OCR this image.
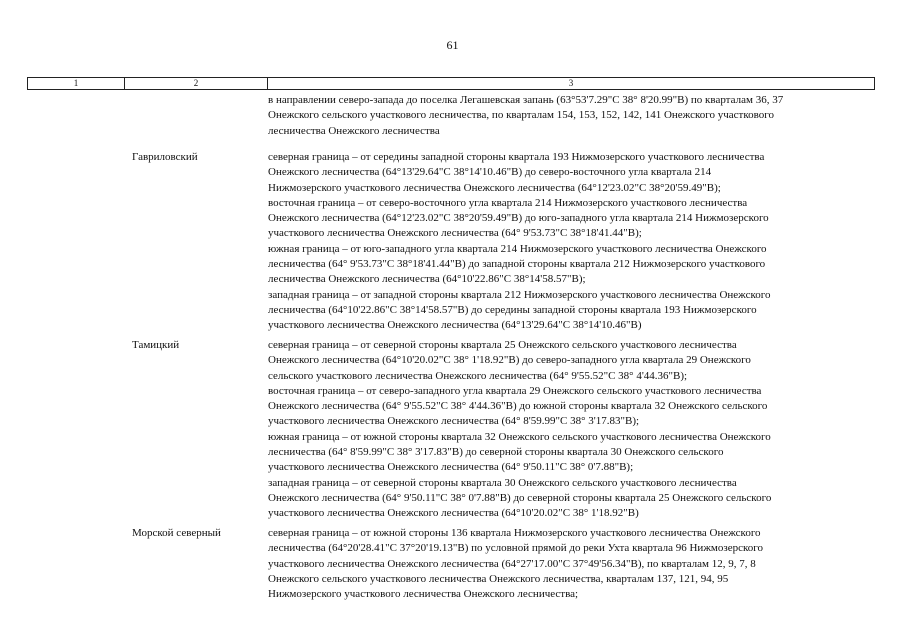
61
1	2	3
в направлении северо-запада до поселка Легашевская запань (63°53'7.29"С 38° 8'20.99"В) по кварталам 36, 37
Онежского сельского участкового лесничества, по кварталам 154, 153, 152, 142, 141 Онежского участкового
лесничества Онежского лесничества
Гавриловский	северная граница – от середины западной стороны квартала 193 Нижмозерского участкового лесничества
Онежского лесничества (64°13'29.64"С 38°14'10.46"В) до северо-восточного угла квартала 214
Нижмозерского участкового лесничества Онежского лесничества (64°12'23.02"С 38°20'59.49"В);
восточная граница – от северо-восточного угла квартала 214 Нижмозерского участкового лесничества
Онежского лесничества (64°12'23.02"С 38°20'59.49"В) до юго-западного угла квартала 214 Нижмозерского
участкового лесничества Онежского лесничества (64° 9'53.73"С 38°18'41.44"В);
южная граница – от юго-западного угла квартала 214 Нижмозерского участкового лесничества Онежского
лесничества (64° 9'53.73"С 38°18'41.44"В) до западной стороны квартала 212 Нижмозерского участкового
лесничества Онежского лесничества (64°10'22.86"С 38°14'58.57"В);
западная граница – от западной стороны квартала 212 Нижмозерского участкового лесничества Онежского
лесничества (64°10'22.86"С 38°14'58.57"В) до середины западной стороны квартала 193 Нижмозерского
участкового лесничества Онежского лесничества (64°13'29.64"С 38°14'10.46"В)
Тамицкий	северная граница – от северной стороны квартала 25 Онежского сельского участкового лесничества
Онежского лесничества (64°10'20.02"С 38° 1'18.92"В) до северо-западного угла квартала 29 Онежского
сельского участкового лесничества Онежского лесничества (64° 9'55.52"С 38° 4'44.36"В);
восточная граница – от северо-западного угла квартала 29 Онежского сельского участкового лесничества
Онежского лесничества (64° 9'55.52"С 38° 4'44.36"В) до южной стороны квартала 32 Онежского сельского
участкового лесничества Онежского лесничества (64° 8'59.99"С 38° 3'17.83"В);
южная граница – от южной стороны квартала 32 Онежского сельского участкового лесничества Онежского
лесничества (64° 8'59.99"С 38° 3'17.83"В) до северной стороны квартала 30 Онежского сельского
участкового лесничества Онежского лесничества (64° 9'50.11"С 38° 0'7.88"В);
западная граница – от северной стороны квартала 30 Онежского сельского участкового лесничества
Онежского лесничества (64° 9'50.11"С 38° 0'7.88"В) до северной стороны квартала 25 Онежского сельского
участкового лесничества Онежского лесничества (64°10'20.02"С 38° 1'18.92"В)
Морской северный	северная граница – от южной стороны 136 квартала Нижмозерского участкового лесничества Онежского
лесничества (64°20'28.41"С 37°20'19.13"В) по условной прямой до реки Ухта квартала 96 Нижмозерского
участкового лесничества Онежского лесничества (64°27'17.00"С 37°49'56.34"В), по кварталам 12, 9, 7, 8
Онежского сельского участкового лесничества Онежского лесничества, кварталам 137, 121, 94, 95
Нижмозерского участкового лесничества Онежского лесничества;
